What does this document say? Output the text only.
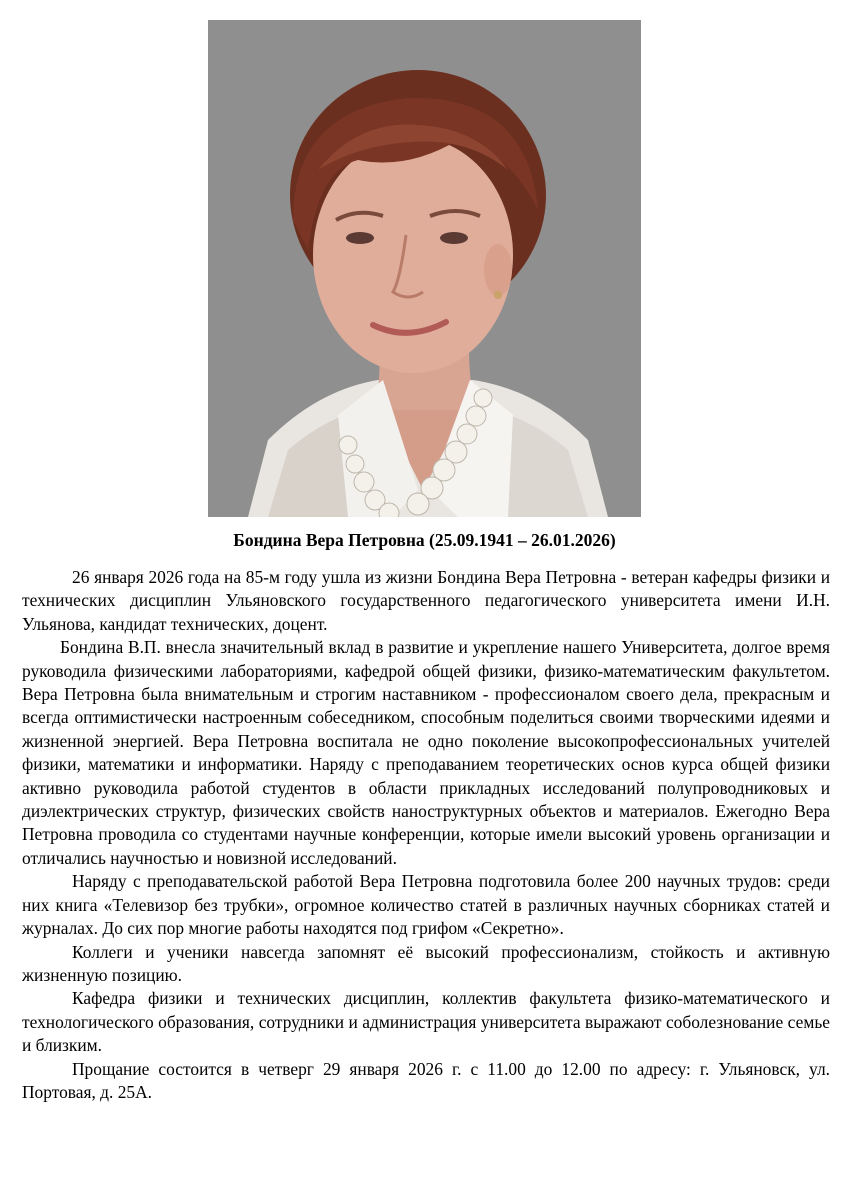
Бондина Вера Петровна (25.09.1941 – 26.01.2026)

26 января 2026 года на 85-м году ушла из жизни Бондина Вера Петровна - ветеран кафедры физики и технических дисциплин Ульяновского государственного педагогического университета имени И.Н. Ульянова, кандидат технических, доцент.

Бондина В.П. внесла значительный вклад в развитие и укрепление нашего Университета, долгое время руководила физическими лабораториями, кафедрой общей физики, физико-математическим факультетом. Вера Петровна была внимательным и строгим наставником - профессионалом своего дела, прекрасным и всегда оптимистически настроенным собеседником, способным поделиться своими творческими идеями и жизненной энергией. Вера Петровна воспитала не одно поколение высокопрофессиональных учителей физики, математики и информатики. Наряду с преподаванием теоретических основ курса общей физики активно руководила работой студентов в области прикладных исследований полупроводниковых и диэлектрических структур, физических свойств наноструктурных объектов и материалов. Ежегодно Вера Петровна проводила со студентами научные конференции, которые имели высокий уровень организации и отличались научностью и новизной исследований.

Наряду с преподавательской работой Вера Петровна подготовила более 200 научных трудов: среди них книга «Телевизор без трубки», огромное количество статей в различных научных сборниках статей и журналах. До сих пор многие работы находятся под грифом «Секретно».

Коллеги и ученики навсегда запомнят её высокий профессионализм, стойкость и активную жизненную позицию.

Кафедра физики и технических дисциплин, коллектив факультета физико-математического и технологического образования, сотрудники и администрация университета выражают соболезнование семье и близким.

Прощание состоится в четверг 29 января 2026 г. с 11.00 до 12.00 по адресу: г. Ульяновск, ул. Портовая, д. 25А.
